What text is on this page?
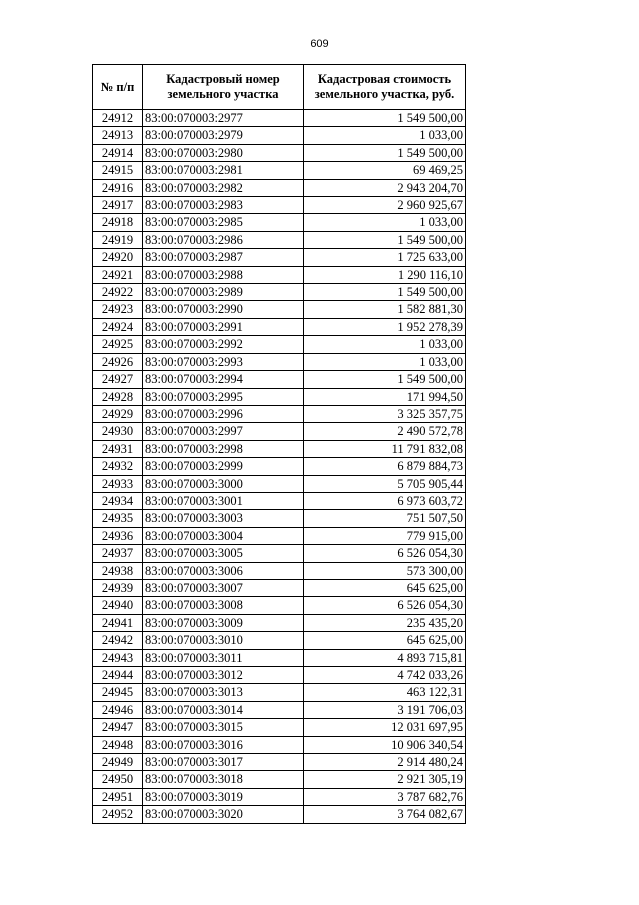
609
№ п/п	Кадастровый номер земельного участка	Кадастровая стоимость земельного участка, руб.
24912	83:00:070003:2977	1 549 500,00
24913	83:00:070003:2979	1 033,00
24914	83:00:070003:2980	1 549 500,00
24915	83:00:070003:2981	69 469,25
24916	83:00:070003:2982	2 943 204,70
24917	83:00:070003:2983	2 960 925,67
24918	83:00:070003:2985	1 033,00
24919	83:00:070003:2986	1 549 500,00
24920	83:00:070003:2987	1 725 633,00
24921	83:00:070003:2988	1 290 116,10
24922	83:00:070003:2989	1 549 500,00
24923	83:00:070003:2990	1 582 881,30
24924	83:00:070003:2991	1 952 278,39
24925	83:00:070003:2992	1 033,00
24926	83:00:070003:2993	1 033,00
24927	83:00:070003:2994	1 549 500,00
24928	83:00:070003:2995	171 994,50
24929	83:00:070003:2996	3 325 357,75
24930	83:00:070003:2997	2 490 572,78
24931	83:00:070003:2998	11 791 832,08
24932	83:00:070003:2999	6 879 884,73
24933	83:00:070003:3000	5 705 905,44
24934	83:00:070003:3001	6 973 603,72
24935	83:00:070003:3003	751 507,50
24936	83:00:070003:3004	779 915,00
24937	83:00:070003:3005	6 526 054,30
24938	83:00:070003:3006	573 300,00
24939	83:00:070003:3007	645 625,00
24940	83:00:070003:3008	6 526 054,30
24941	83:00:070003:3009	235 435,20
24942	83:00:070003:3010	645 625,00
24943	83:00:070003:3011	4 893 715,81
24944	83:00:070003:3012	4 742 033,26
24945	83:00:070003:3013	463 122,31
24946	83:00:070003:3014	3 191 706,03
24947	83:00:070003:3015	12 031 697,95
24948	83:00:070003:3016	10 906 340,54
24949	83:00:070003:3017	2 914 480,24
24950	83:00:070003:3018	2 921 305,19
24951	83:00:070003:3019	3 787 682,76
24952	83:00:070003:3020	3 764 082,67
